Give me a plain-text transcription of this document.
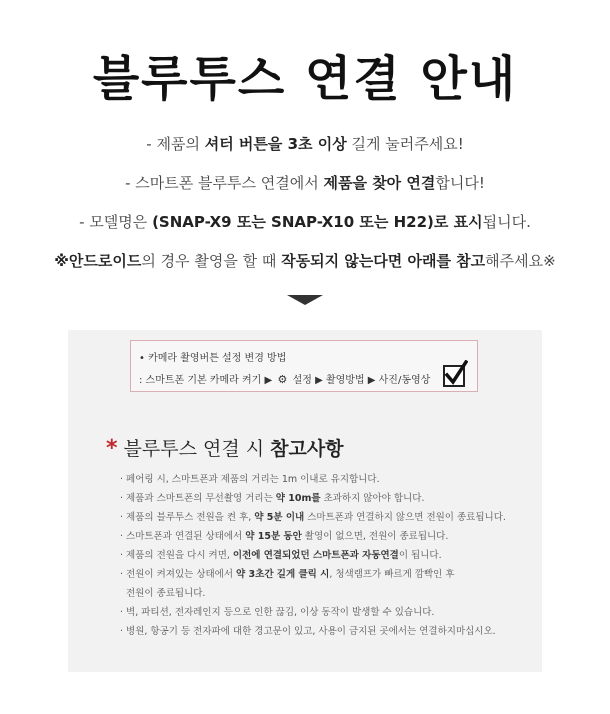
블루투스 연결 안내
- 제품의 셔터 버튼을 3초 이상 길게 눌러주세요!
- 스마트폰 블루투스 연결에서 제품을 찾아 연결합니다!
- 모델명은 (SNAP-X9 또는 SNAP-X10 또는 H22)로 표시됩니다.
※안드로이드의 경우 촬영을 할 때 작동되지 않는다면 아래를 참고해주세요※
• 카메라 촬영버튼 설정 변경 방법
: 스마트폰 기본 카메라 켜기 ▶ ⚙ 설정 ▶ 촬영방법 ▶ 사진/동영상
* 블루투스 연결 시 참고사항
· 페어링 시, 스마트폰과 제품의 거리는 1m 이내로 유지합니다.
· 제품과 스마트폰의 무선촬영 거리는 약 10m를 초과하지 않아야 합니다.
· 제품의 블루투스 전원을 켠 후, 약 5분 이내 스마트폰과 연결하지 않으면 전원이 종료됩니다.
· 스마트폰과 연결된 상태에서 약 15분 동안 촬영이 없으면, 전원이 종료됩니다.
· 제품의 전원을 다시 켜면, 이전에 연결되었던 스마트폰과 자동연결이 됩니다.
· 전원이 켜져있는 상태에서 약 3초간 길게 클릭 시, 청색램프가 빠르게 깜빡인 후
전원이 종료됩니다.
· 벽, 파티션, 전자레인지 등으로 인한 끊김, 이상 동작이 발생할 수 있습니다.
· 병원, 항공기 등 전자파에 대한 경고문이 있고, 사용이 금지된 곳에서는 연결하지마십시오.
